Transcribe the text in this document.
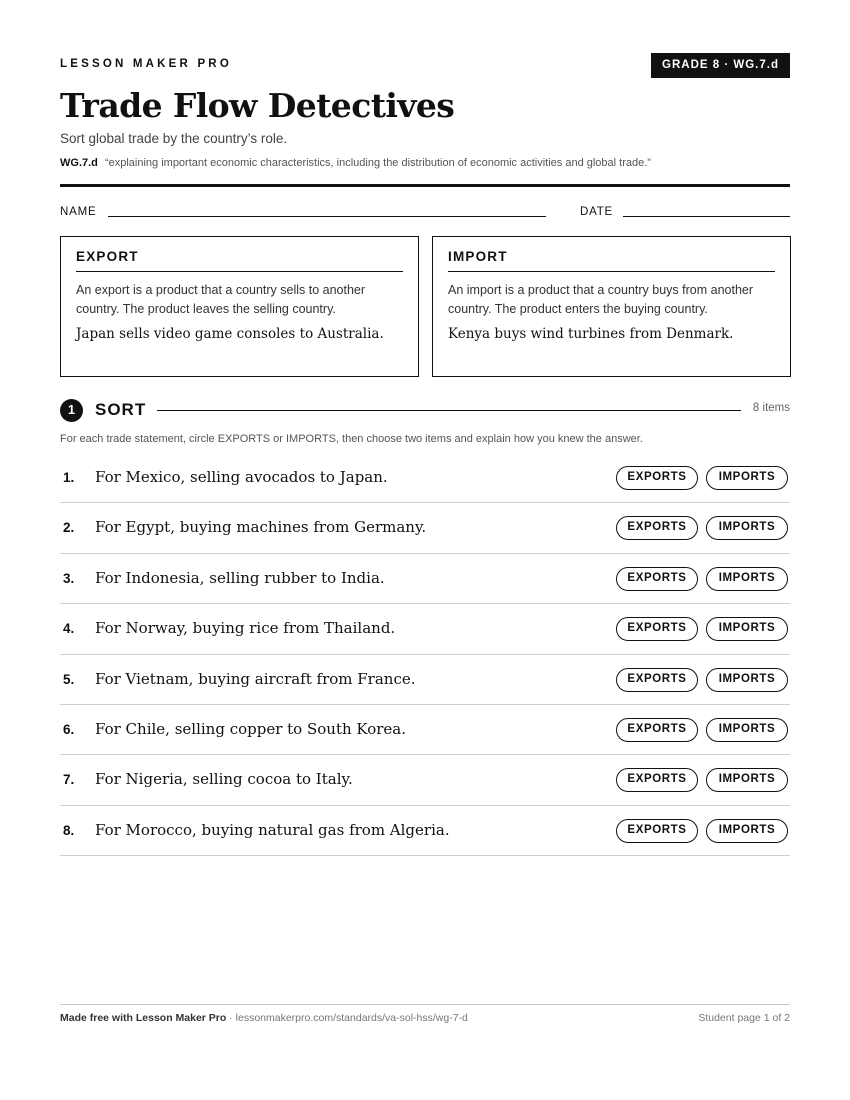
LESSON MAKER PRO	GRADE 8 · WG.7.d
Trade Flow Detectives
Sort global trade by the country’s role.
WG.7.d “explaining important economic characteristics, including the distribution of economic activities and global trade.”
NAME	DATE
EXPORT
An export is a product that a country sells to another country. The product leaves the selling country.
Japan sells video game consoles to Australia.
IMPORT
An import is a product that a country buys from another country. The product enters the buying country.
Kenya buys wind turbines from Denmark.
1	SORT	8 items
For each trade statement, circle EXPORTS or IMPORTS, then choose two items and explain how you knew the answer.
1. For Mexico, selling avocados to Japan.	EXPORTS	IMPORTS
2. For Egypt, buying machines from Germany.	EXPORTS	IMPORTS
3. For Indonesia, selling rubber to India.	EXPORTS	IMPORTS
4. For Norway, buying rice from Thailand.	EXPORTS	IMPORTS
5. For Vietnam, buying aircraft from France.	EXPORTS	IMPORTS
6. For Chile, selling copper to South Korea.	EXPORTS	IMPORTS
7. For Nigeria, selling cocoa to Italy.	EXPORTS	IMPORTS
8. For Morocco, buying natural gas from Algeria.	EXPORTS	IMPORTS
Made free with Lesson Maker Pro · lessonmakerpro.com/standards/va-sol-hss/wg-7-d	Student page 1 of 2
